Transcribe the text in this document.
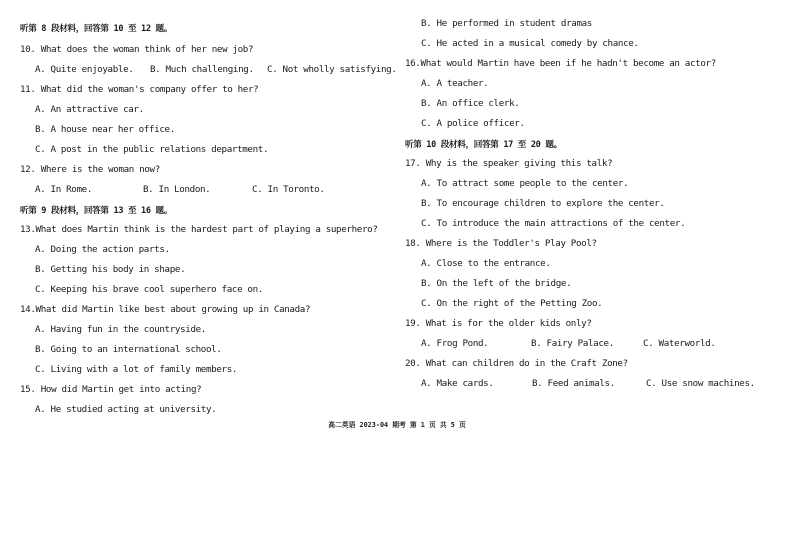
听第 8 段材料，回答第 10 至 12 题。
10. What does the woman think of her new job?
A. Quite enjoyable. B. Much challenging. C. Not wholly satisfying.
11. What did the woman's company offer to her?
A. An attractive car.
B. A house near her office.
C. A post in the public relations department.
12. Where is the woman now?
A. In Rome.	B. In London.	C. In Toronto.
听第 9 段材料，回答第 13 至 16 题。
13.What does Martin think is the hardest part of playing a superhero?
A. Doing the action parts.
B. Getting his body in shape.
C. Keeping his brave cool superhero face on.
14.What did Martin like best about growing up in Canada?
A. Having fun in the countryside.
B. Going to an international school.
C. Living with a lot of family members.
15. How did Martin get into acting?
A. He studied acting at university.
B. He performed in student dramas
C. He acted in a musical comedy by chance.
16.What would Martin have been if he hadn't become an actor?
A. A teacher.
B. An office clerk.
C. A police officer.
听第 10 段材料，回答第 17 至 20 题。
17. Why is the speaker giving this talk?
A. To attract some people to the center.
B. To encourage children to explore the center.
C. To introduce the main attractions of the center.
18. Where is the Toddler's Play Pool?
A. Close to the entrance.
B. On the left of the bridge.
C. On the right of the Petting Zoo.
19. What is for the older kids only?
A. Frog Pond.	B. Fairy Palace.	C. Waterworld.
20. What can children do in the Craft Zone?
A. Make cards.	B. Feed animals.	C. Use snow machines.
高二英语 2023-04 期考 第 1 页 共 5 页
